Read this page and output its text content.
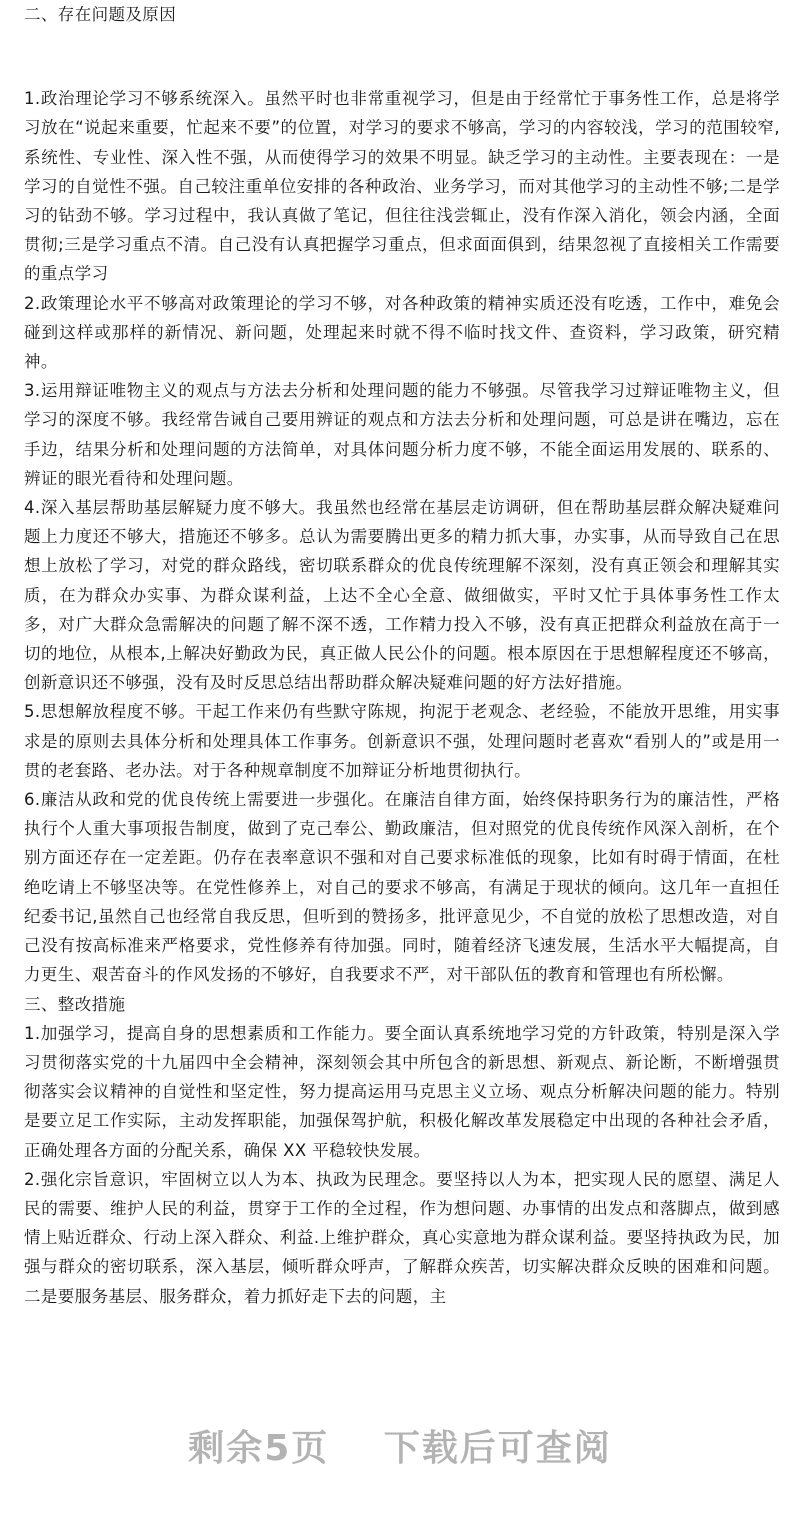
二、存在问题及原因

1.政治理论学习不够系统深入。虽然平时也非常重视学习，但是由于经常忙于事务性工作，总是将学习放在“说起来重要，忙起来不要”的位置，对学习的要求不够高，学习的内容较浅，学习的范围较窄,系统性、专业性、深入性不强，从而使得学习的效果不明显。缺乏学习的主动性。主要表现在：一是学习的自觉性不强。自己较注重单位安排的各种政治、业务学习，而对其他学习的主动性不够;二是学习的钻劲不够。学习过程中，我认真做了笔记，但往往浅尝辄止，没有作深入消化，领会内涵，全面贯彻;三是学习重点不清。自己没有认真把握学习重点，但求面面俱到，结果忽视了直接相关工作需要的重点学习

2.政策理论水平不够高对政策理论的学习不够，对各种政策的精神实质还没有吃透，工作中，难免会碰到这样或那样的新情况、新问题，处理起来时就不得不临时找文件、查资料，学习政策，研究精神。

3.运用辩证唯物主义的观点与方法去分析和处理问题的能力不够强。尽管我学习过辩证唯物主义，但学习的深度不够。我经常告诫自己要用辨证的观点和方法去分析和处理问题，可总是讲在嘴边，忘在手边，结果分析和处理问题的方法简单，对具体问题分析力度不够，不能全面运用发展的、联系的、辨证的眼光看待和处理问题。

4.深入基层帮助基层解疑力度不够大。我虽然也经常在基层走访调研，但在帮助基层群众解决疑难问题上力度还不够大，措施还不够多。总认为需要腾出更多的精力抓大事，办实事，从而导致自己在思想上放松了学习，对党的群众路线，密切联系群众的优良传统理解不深刻，没有真正领会和理解其实质，在为群众办实事、为群众谋利益，上达不全心全意、做细做实，平时又忙于具体事务性工作太多，对广大群众急需解决的问题了解不深不透，工作精力投入不够，没有真正把群众利益放在高于一切的地位，从根本,上解决好勤政为民，真正做人民公仆的问题。根本原因在于思想解程度还不够高，创新意识还不够强，没有及时反思总结出帮助群众解决疑难问题的好方法好措施。

5.思想解放程度不够。干起工作来仍有些默守陈规，拘泥于老观念、老经验，不能放开思维，用实事求是的原则去具体分析和处理具体工作事务。创新意识不强，处理问题时老喜欢“看别人的”或是用一贯的老套路、老办法。对于各种规章制度不加辩证分析地贯彻执行。

6.廉洁从政和党的优良传统上需要进一步强化。在廉洁自律方面，始终保持职务行为的廉洁性，严格执行个人重大事项报告制度，做到了克己奉公、勤政廉洁，但对照党的优良传统作风深入剖析，在个别方面还存在一定差距。仍存在表率意识不强和对自己要求标准低的现象，比如有时碍于情面，在杜绝吃请上不够坚决等。在党性修养上，对自己的要求不够高，有满足于现状的倾向。这几年一直担任纪委书记,虽然自己也经常自我反思，但听到的赞扬多，批评意见少，不自觉的放松了思想改造，对自己没有按高标准来严格要求，党性修养有待加强。同时，随着经济飞速发展，生活水平大幅提高，自力更生、艰苦奋斗的作风发扬的不够好，自我要求不严，对干部队伍的教育和管理也有所松懈。

三、整改措施

1.加强学习，提高自身的思想素质和工作能力。要全面认真系统地学习党的方针政策，特别是深入学习贯彻落实党的十九届四中全会精神，深刻领会其中所包含的新思想、新观点、新论断，不断增强贯彻落实会议精神的自觉性和坚定性，努力提高运用马克思主义立场、观点分析解决问题的能力。特别是要立足工作实际，主动发挥职能，加强保驾护航，积极化解改革发展稳定中出现的各种社会矛盾，正确处理各方面的分配关系，确保 XX 平稳较快发展。

2.强化宗旨意识，牢固树立以人为本、执政为民理念。要坚持以人为本，把实现人民的愿望、满足人民的需要、维护人民的利益，贯穿于工作的全过程，作为想问题、办事情的出发点和落脚点，做到感情上贴近群众、行动上深入群众、利益.上维护群众，真心实意地为群众谋利益。要坚持执政为民，加强与群众的密切联系，深入基层，倾听群众呼声，了解群众疾苦，切实解决群众反映的困难和问题。二是要服务基层、服务群众，着力抓好走下去的问题，主

剩余5页 下载后可查阅
